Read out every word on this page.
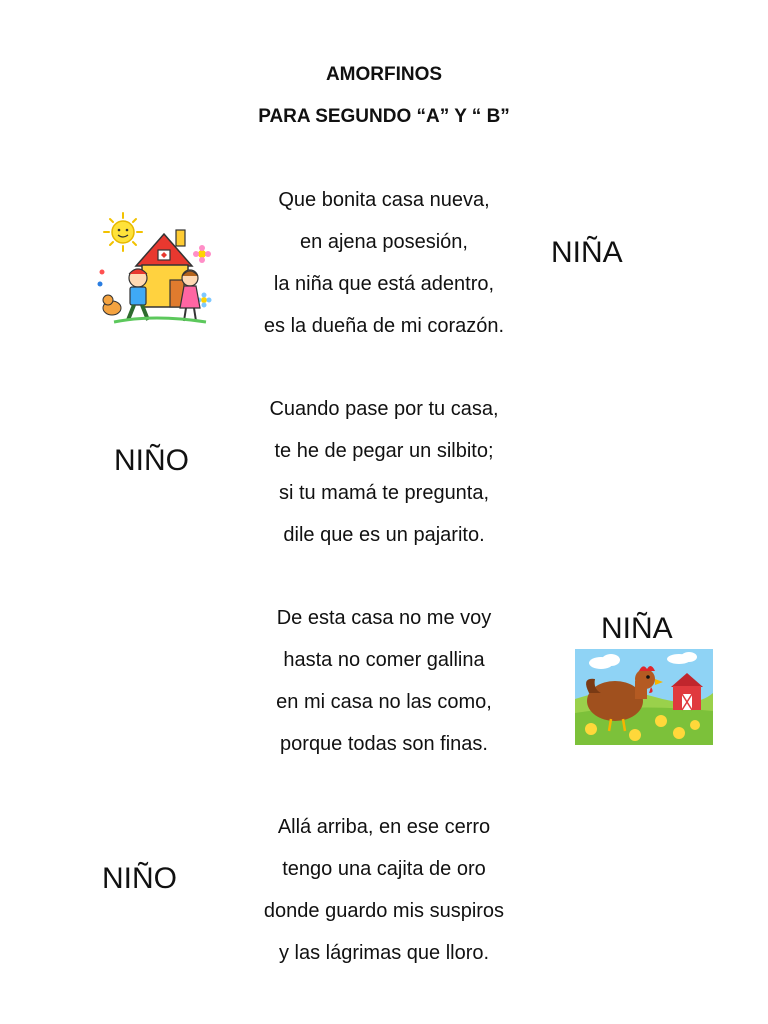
AMORFINOS
PARA SEGUNDO “A” Y “ B”
Que bonita casa nueva,
en ajena posesión,
la niña que está adentro,
es la dueña de mi corazón.
NIÑA
Cuando pase por tu casa,
te he de pegar un silbito;
si tu mamá te pregunta,
dile que es un pajarito.
NIÑO
De esta casa no me voy
hasta no comer gallina
en mi casa no las como,
porque todas son finas.
NIÑA
Allá arriba, en ese cerro
tengo una cajita de oro
donde guardo mis suspiros
y las lágrimas que lloro.
NIÑO
